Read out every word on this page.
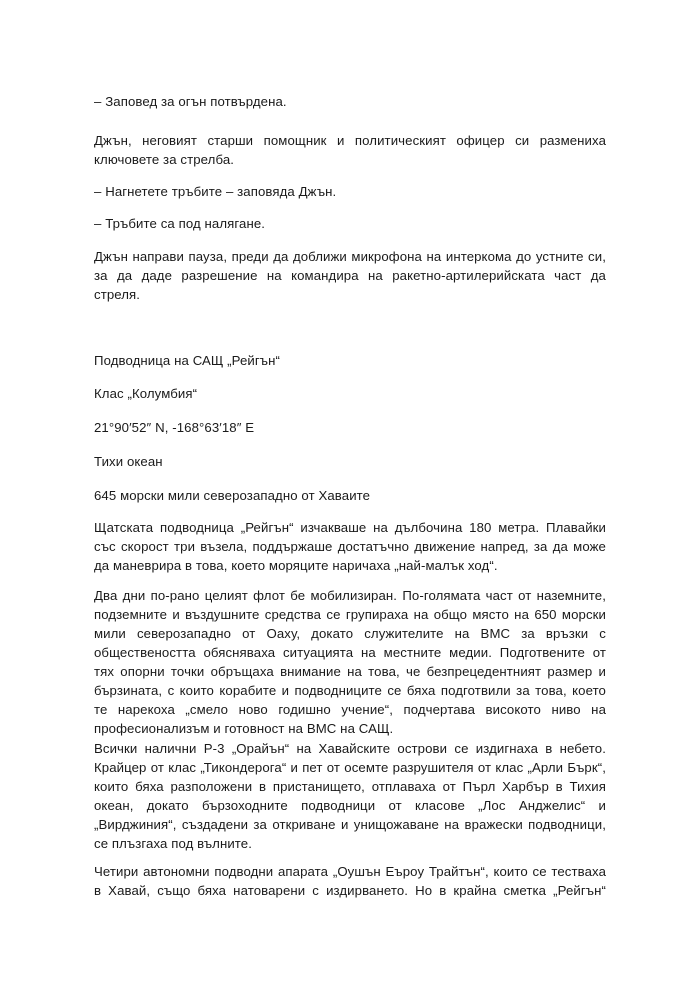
– Заповед за огън потвърдена.
Джън, неговият старши помощник и политическият офицер си размениха
ключовете за стрелба.
– Нагнетете тръбите – заповяда Джън.
– Тръбите са под налягане.
Джън направи пауза, преди да доближи микрофона на интеркома до устните си,
за да даде разрешение на командира на ракетно-артилерийската част да
стреля.
Подводница на САЩ „Рейгън“
Клас „Колумбия“
21°90′52″ N, -168°63′18″ E
Тихи океан
645 морски мили северозападно от Хаваите
Щатската подводница „Рейгън“ изчакваше на дълбочина 180 метра. Плавайки
със скорост три възела, поддържаше достатъчно движение напред, за да може
да маневрира в това, което моряците наричаха „най-малък ход“.
Два дни по-рано целият флот бе мобилизиран. По-голямата част от наземните,
подземните и въздушните средства се групираха на общо място на 650 морски
мили северозападно от Оаху, докато служителите на ВМС за връзки с
обществеността обясняваха ситуацията на местните медии. Подготвените от
тях опорни точки обръщаха внимание на това, че безпрецедентният размер и
бързината, с които корабите и подводниците се бяха подготвили за това, което
те нарекоха „смело ново годишно учение“, подчертава високото ниво на
професионализъм и готовност на ВМС на САЩ.
Всички налични Р-3 „Орайън“ на Хавайските острови се издигнаха в небето.
Крайцер от клас „Тикондерога“ и пет от осемте разрушителя от клас „Арли Бърк“,
които бяха разположени в пристанището, отплаваха от Пърл Харбър в Тихия
океан, докато бързоходните подводници от класове „Лос Анджелис“ и
„Вирджиния“, създадени за откриване и унищожаване на вражески подводници,
се плъзгаха под вълните.
Четири автономни подводни апарата „Оушън Еъроу Трайтън“, които се тестваха
в Хавай, също бяха натоварени с издирването. Но в крайна сметка „Рейгън“
